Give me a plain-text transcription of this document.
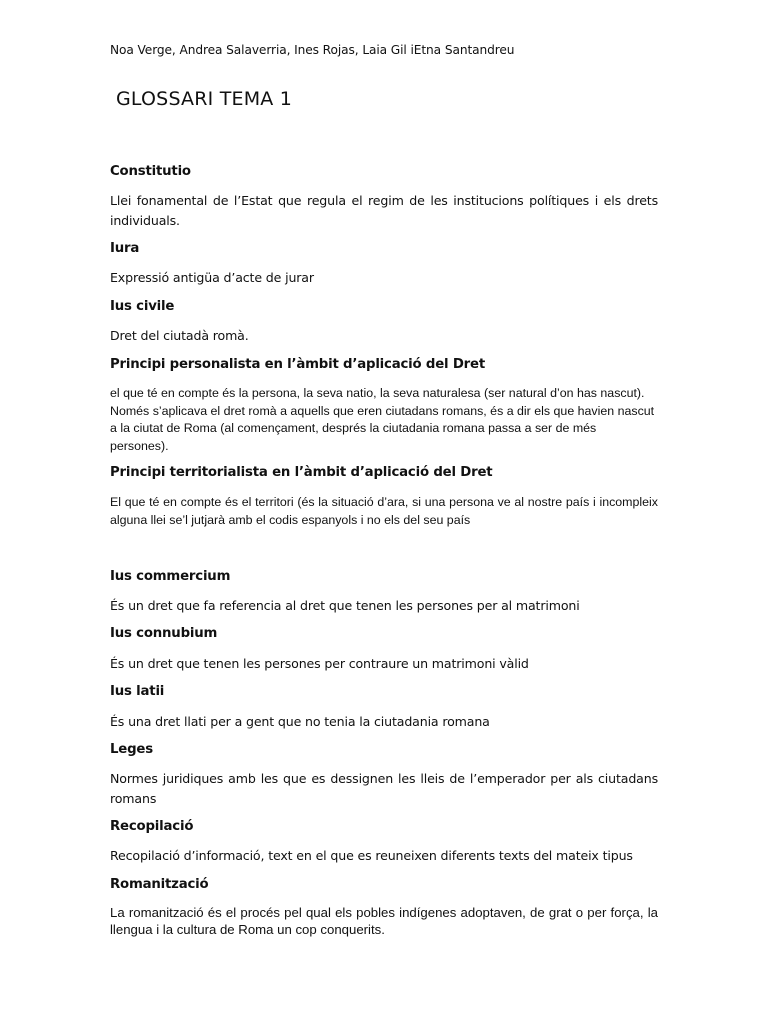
Noa Verge, Andrea Salaverria, Ines Rojas, Laia Gil iEtna Santandreu
GLOSSARI TEMA 1
Constitutio
Llei fonamental de l’Estat que regula el regim de les institucions polítiques i els drets individuals.
Iura
Expressió antigüa d’acte de jurar
Ius civile
Dret del ciutadà romà.
Principi personalista en l’àmbit d’aplicació del Dret
el que té en compte és la persona, la seva natio, la seva naturalesa (ser natural d’on has nascut). Només s’aplicava el dret romà a aquells que eren ciutadans romans, és a dir els que havien nascut a la ciutat de Roma (al començament, després la ciutadania romana passa a ser de més persones).
Principi territorialista en l’àmbit d’aplicació del Dret
El que té en compte és el territori (és la situació d’ara, si una persona ve al nostre país i incompleix alguna llei se’l jutjarà amb el codis espanyols i no els del seu país
Ius commercium
És un dret que fa referencia al dret que tenen les persones per al matrimoni
Ius connubium
És un dret que tenen les persones per contraure un matrimoni vàlid
Ius latii
És una dret llati per a gent que no tenia la ciutadania romana
Leges
Normes juridiques amb les que es dessignen les lleis de l’emperador per als ciutadans romans
Recopilació
Recopilació d’informació, text en el que es reuneixen diferents texts del mateix tipus
Romanització
La romanització és el procés pel qual els pobles indígenes adoptaven, de grat o per força, la llengua i la cultura de Roma un cop conquerits.
